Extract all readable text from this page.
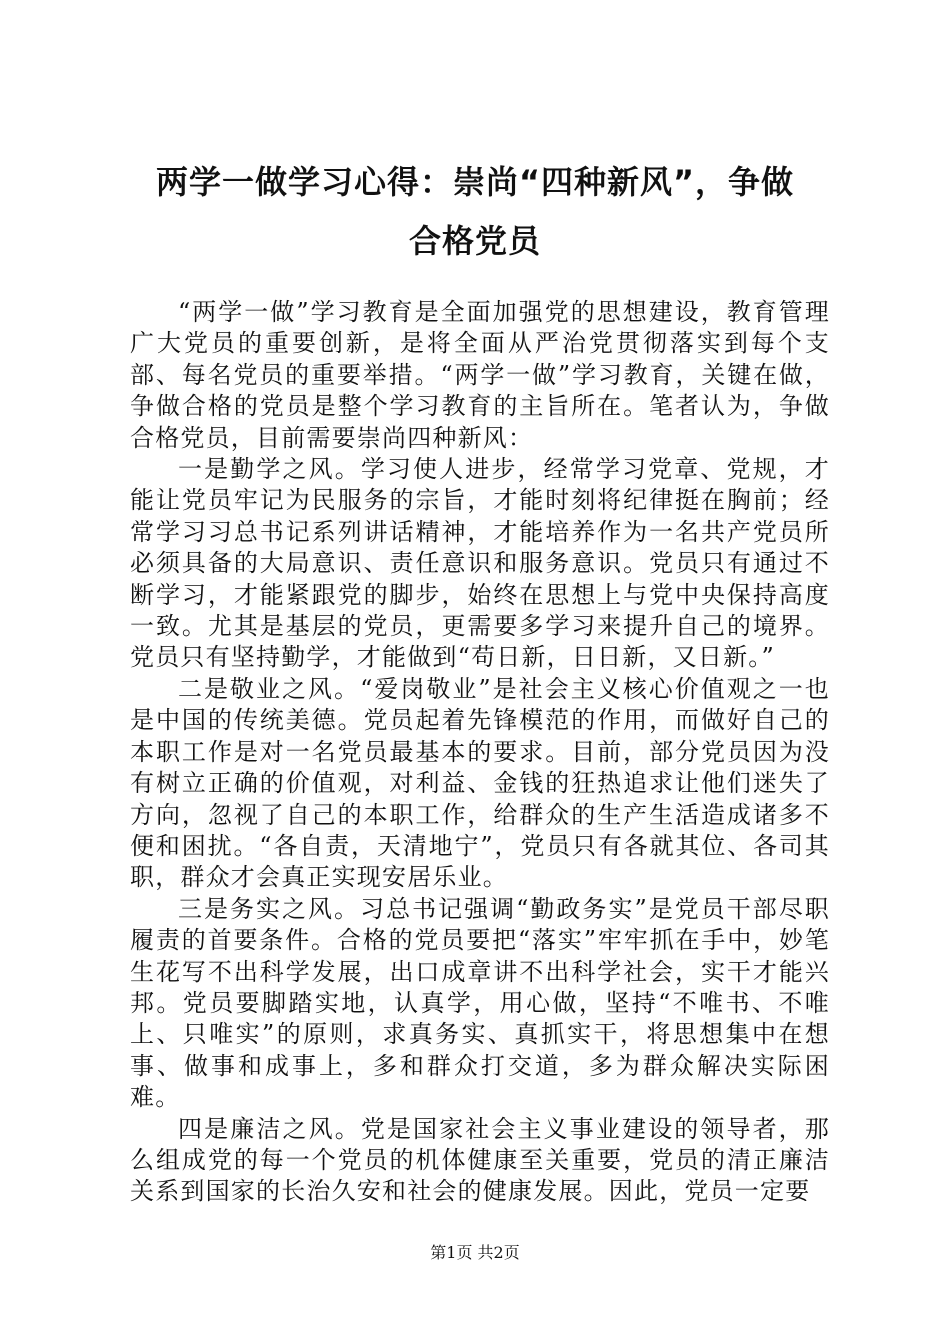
两学一做学习心得：崇尚“四种新风”，争做
合格党员

“两学一做”学习教育是全面加强党的思想建设，教育管理广大党员的重要创新，是将全面从严治党贯彻落实到每个支部、每名党员的重要举措。“两学一做”学习教育，关键在做，争做合格的党员是整个学习教育的主旨所在。笔者认为，争做合格党员，目前需要崇尚四种新风：

一是勤学之风。学习使人进步，经常学习党章、党规，才能让党员牢记为民服务的宗旨，才能时刻将纪律挺在胸前；经常学习习总书记系列讲话精神，才能培养作为一名共产党员所必须具备的大局意识、责任意识和服务意识。党员只有通过不断学习，才能紧跟党的脚步，始终在思想上与党中央保持高度一致。尤其是基层的党员，更需要多学习来提升自己的境界。党员只有坚持勤学，才能做到“苟日新，日日新，又日新。”

二是敬业之风。“爱岗敬业”是社会主义核心价值观之一也是中国的传统美德。党员起着先锋模范的作用，而做好自己的本职工作是对一名党员最基本的要求。目前，部分党员因为没有树立正确的价值观，对利益、金钱的狂热追求让他们迷失了方向，忽视了自己的本职工作，给群众的生产生活造成诸多不便和困扰。“各自责，天清地宁”，党员只有各就其位、各司其职，群众才会真正实现安居乐业。

三是务实之风。习总书记强调“勤政务实”是党员干部尽职履责的首要条件。合格的党员要把“落实”牢牢抓在手中，妙笔生花写不出科学发展，出口成章讲不出科学社会，实干才能兴邦。党员要脚踏实地，认真学，用心做，坚持“不唯书、不唯上、只唯实”的原则，求真务实、真抓实干，将思想集中在想事、做事和成事上，多和群众打交道，多为群众解决实际困难。

四是廉洁之风。党是国家社会主义事业建设的领导者，那么组成党的每一个党员的机体健康至关重要，党员的清正廉洁关系到国家的长治久安和社会的健康发展。因此，党员一定要

第1页 共2页
